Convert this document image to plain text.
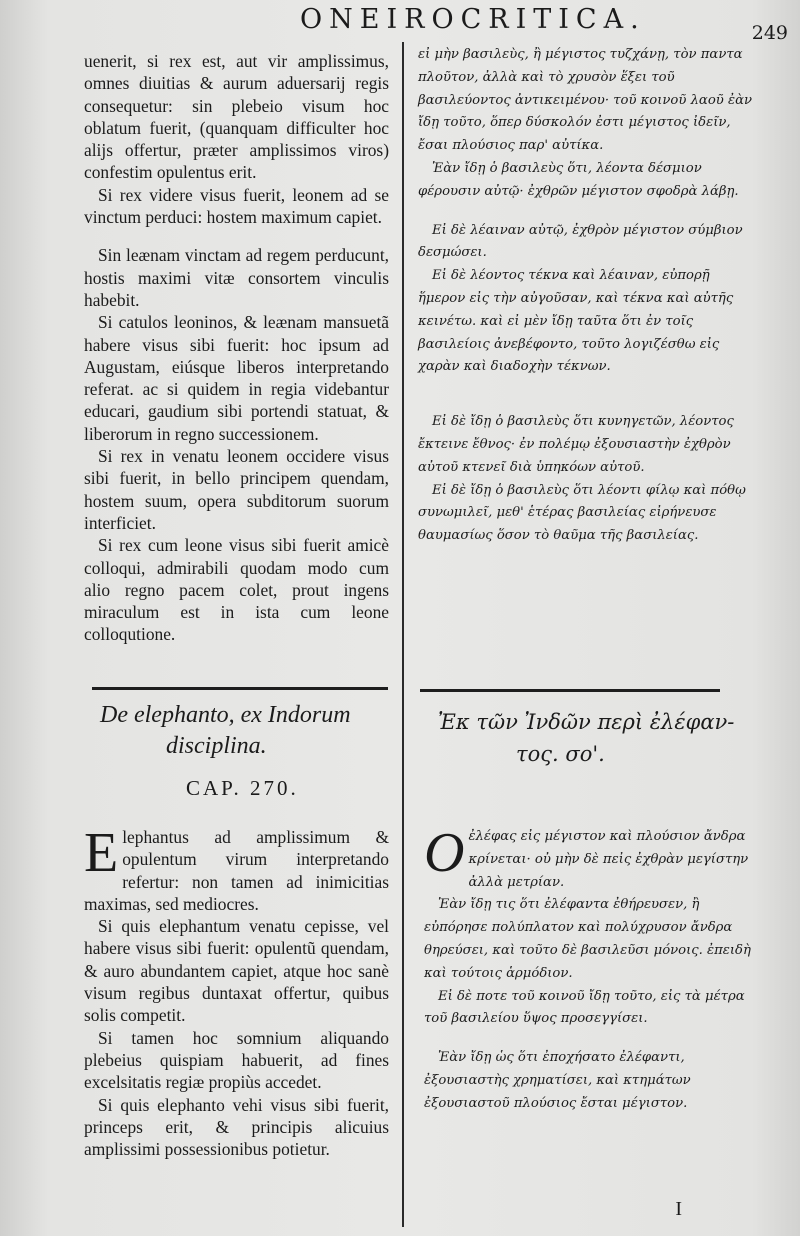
ONEIROCRITICA.	249

uenerit, si rex est, aut vir amplissimus, omnes diuitias & aurum aduersarij regis consequetur: sin plebeio visum hoc oblatum fuerit, (quanquam difficulter hoc alijs offertur, præter amplissimos viros) confestim opulentus erit.

Si rex videre visus fuerit, leonem ad se vinctum perduci: hostem maximum capiet.

Sin leænam vinctam ad regem perducunt, hostis maximi vitæ consortem vinculis habebit.

Si catulos leoninos, & leænam mansuetã habere visus sibi fuerit: hoc ipsum ad Augustam, eiúsque liberos interpretando referat. ac si quidem in regia videbantur educari, gaudium sibi portendi statuat, & liberorum in regno successionem.

Si rex in venatu leonem occidere visus sibi fuerit, in bello principem quendam, hostem suum, opera subditorum suorum interficiet.

Si rex cum leone visus sibi fuerit amicè colloqui, admirabili quodam modo cum alio regno pacem colet, prout ingens miraculum est in ista cum leone colloqutione.

εἰ μὴν βασιλεὺς, ἢ μέγιστος τυζχάνῃ, τὸν παντα πλοῦτον, ἀλλὰ καὶ τὸ χρυσὸν ἕξει τοῦ βασιλεύοντος ἀντικειμένου· τοῦ κοινοῦ λαοῦ ἐὰν ἴδῃ τοῦτο, ὅπερ δύσκολόν ἐστι μέγιστος ἰδεῖν, ἔσαι πλούσιος παρ' αὐτίκα.

Ἐὰν ἴδῃ ὁ βασιλεὺς ὅτι, λέοντα δέσμιον φέρουσιν αὐτῷ· ἐχθρῶν μέγιστον σφοδρὰ λάβῃ.

Εἰ δὲ λέαιναν αὐτῷ, ἐχθρὸν μέγιστον σύμβιον δεσμώσει.

Εἰ δὲ λέοντος τέκνα καὶ λέαιναν, εὐπορῇ ἥμερον εἰς τὴν αὐγοῦσαν, καὶ τέκνα καὶ αὐτῆς κεινέτω. καὶ εἰ μὲν ἴδῃ ταῦτα ὅτι ἐν τοῖς βασιλείοις ἀνεβέφοντο, τοῦτο λογιζέσθω εἰς χαρὰν καὶ διαδοχὴν τέκνων.

Εἰ δὲ ἴδῃ ὁ βασιλεὺς ὅτι κυνηγετῶν, λέοντος ἔκτεινε ἔθνος· ἐν πολέμῳ ἐξουσιαστὴν ἐχθρὸν αὐτοῦ κτενεῖ διὰ ὑπηκόων αὐτοῦ.

Εἰ δὲ ἴδῃ ὁ βασιλεὺς ὅτι λέοντι φίλῳ καὶ πόθῳ συνωμιλεῖ, μεθ' ἑτέρας βασιλείας εἰρήνευσε θαυμασίως ὅσον τὸ θαῦμα τῆς βασιλείας.

De elephanto, ex Indorum
disciplina.
CAP. 270.
Ἐκ τῶν Ἰνδῶν περὶ ἐλέφαν-
τος. σο'.

Elephantus ad amplissimum & opulentum virum interpretando refertur: non tamen ad inimicitias maximas, sed mediocres.

Si quis elephantum venatu cepisse, vel habere visus sibi fuerit: opulentũ quendam, & auro abundantem capiet, atque hoc sanè visum regibus duntaxat offertur, quibus solis competit.

Si tamen hoc somnium aliquando plebeius quispiam habuerit, ad fines excelsitatis regiæ propiùs accedet.

Si quis elephanto vehi visus sibi fuerit, princeps erit, & principis alicuius amplissimi possessionibus potietur.

Oἐλέφας εἰς μέγιστον καὶ πλούσιον ἄνδρα κρίνεται· οὐ μὴν δὲ πεἰς ἐχθρὰν μεγίστην ἀλλὰ μετρίαν.

Ἐὰν ἴδῃ τις ὅτι ἐλέφαντα ἐθήρευσεν, ἢ εὐπόρησε πολύπλατον καὶ πολύχρυσον ἄνδρα θηρεύσει, καὶ τοῦτο δὲ βασιλεῦσι μόνοις. ἐπειδὴ καὶ τούτοις ἁρμόδιον.

Εἰ δὲ ποτε τοῦ κοινοῦ ἴδῃ τοῦτο, εἰς τὰ μέτρα τοῦ βασιλείου ὕψος προσεγγίσει.

Ἐὰν ἴδῃ ὡς ὅτι ἐποχήσατο ἐλέφαντι, ἐξουσιαστὴς χρηματίσει, καὶ κτημάτων ἐξουσιαστοῦ πλούσιος ἔσται μέγιστον.

I
